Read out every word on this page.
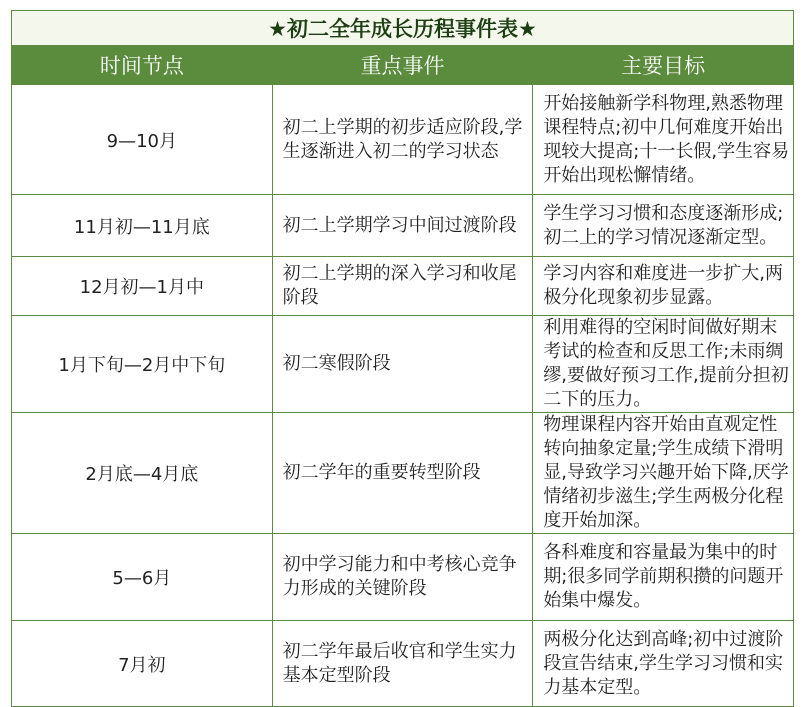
★初二全年成长历程事件表★		
时间节点	重点事件	主要目标
9—10月	初二上学期的初步适应阶段,学生逐渐进入初二的学习状态	开始接触新学科物理,熟悉物理课程特点;初中几何难度开始出现较大提高;十一长假,学生容易开始出现松懈情绪。
11月初—11月底	初二上学期学习中间过渡阶段	学生学习习惯和态度逐渐形成;初二上的学习情况逐渐定型。
12月初—1月中	初二上学期的深入学习和收尾阶段	学习内容和难度进一步扩大,两极分化现象初步显露。
1月下旬—2月中下旬	初二寒假阶段	利用难得的空闲时间做好期末考试的检查和反思工作;未雨绸缪,要做好预习工作,提前分担初二下的压力。
2月底—4月底	初二学年的重要转型阶段	物理课程内容开始由直观定性转向抽象定量;学生成绩下滑明显,导致学习兴趣开始下降,厌学情绪初步滋生;学生两极分化程度开始加深。
5—6月	初中学习能力和中考核心竞争力形成的关键阶段	各科难度和容量最为集中的时期;很多同学前期积攒的问题开始集中爆发。
7月初	初二学年最后收官和学生实力基本定型阶段	两极分化达到高峰;初中过渡阶段宣告结束,学生学习习惯和实力基本定型。
